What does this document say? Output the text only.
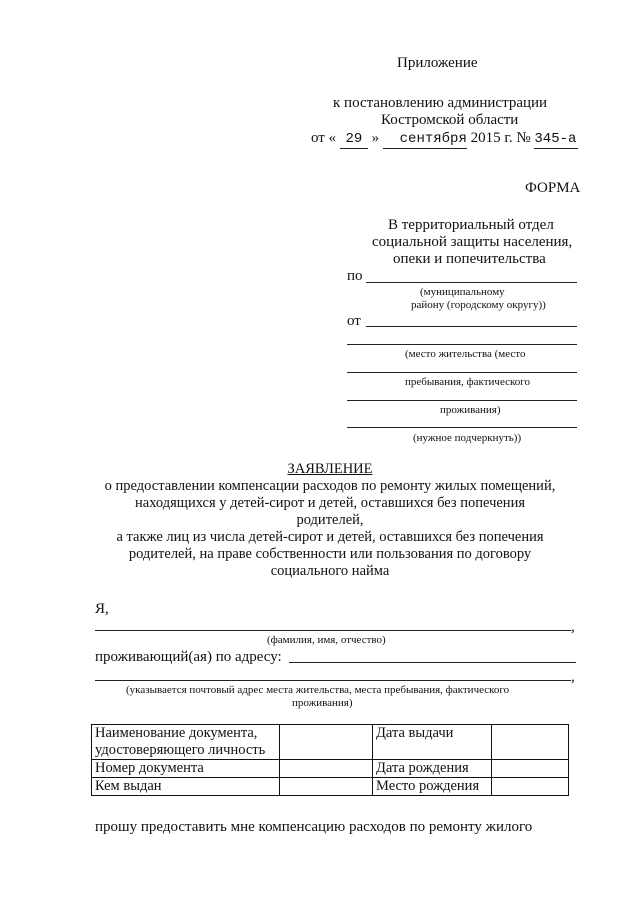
Приложение
к постановлению администрации
Костромской области
от « 29 » сентября 2015 г. № 345-а
ФОРМА
В территориальный отдел
социальной защиты населения,
опеки и попечительства
по
(муниципальному
району (городскому округу))
от
(место жительства (место
пребывания, фактического
проживания)
(нужное подчеркнуть))
ЗАЯВЛЕНИЕ
о предоставлении компенсации расходов по ремонту жилых помещений,
находящихся у детей-сирот и детей, оставшихся без попечения
родителей,
а также лиц из числа детей-сирот и детей, оставшихся без попечения
родителей, на праве собственности или пользования по договору
социального найма
Я,
,
(фамилия, имя, отчество)
проживающий(ая) по адресу:
,
(указывается почтовый адрес места жительства, места пребывания, фактического
проживания)
Наименование документа,
удостоверяющего личность		Дата выдачи	
Номер документа		Дата рождения	
Кем выдан		Место рождения	
прошу предоставить мне компенсацию расходов по ремонту жилого
